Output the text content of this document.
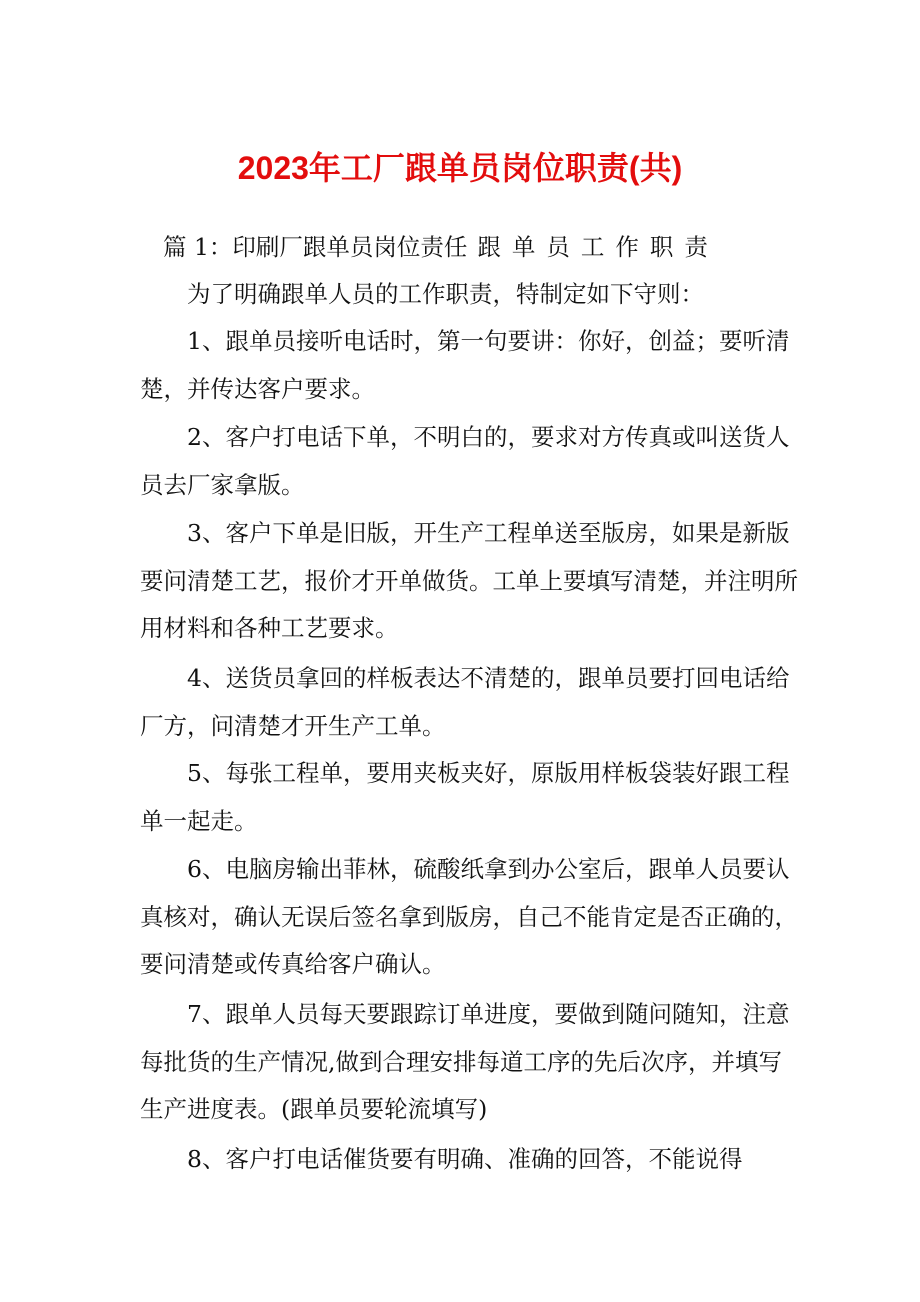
2023年工厂跟单员岗位职责(共)
篇 1：印刷厂跟单员岗位责任 跟单员工作职责

为了明确跟单人员的工作职责，特制定如下守则：

1、跟单员接听电话时，第一句要讲：你好，创益；要听清楚，并传达客户要求。

2、客户打电话下单，不明白的，要求对方传真或叫送货人员去厂家拿版。

3、客户下单是旧版，开生产工程单送至版房，如果是新版要问清楚工艺，报价才开单做货。工单上要填写清楚，并注明所用材料和各种工艺要求。

4、送货员拿回的样板表达不清楚的，跟单员要打回电话给厂方，问清楚才开生产工单。

5、每张工程单，要用夹板夹好，原版用样板袋装好跟工程单一起走。

6、电脑房输出菲林，硫酸纸拿到办公室后，跟单人员要认真核对，确认无误后签名拿到版房，自己不能肯定是否正确的，要问清楚或传真给客户确认。

7、跟单人员每天要跟踪订单进度，要做到随问随知，注意每批货的生产情况,做到合理安排每道工序的先后次序，并填写生产进度表。(跟单员要轮流填写)

8、客户打电话催货要有明确、准确的回答，不能说得
